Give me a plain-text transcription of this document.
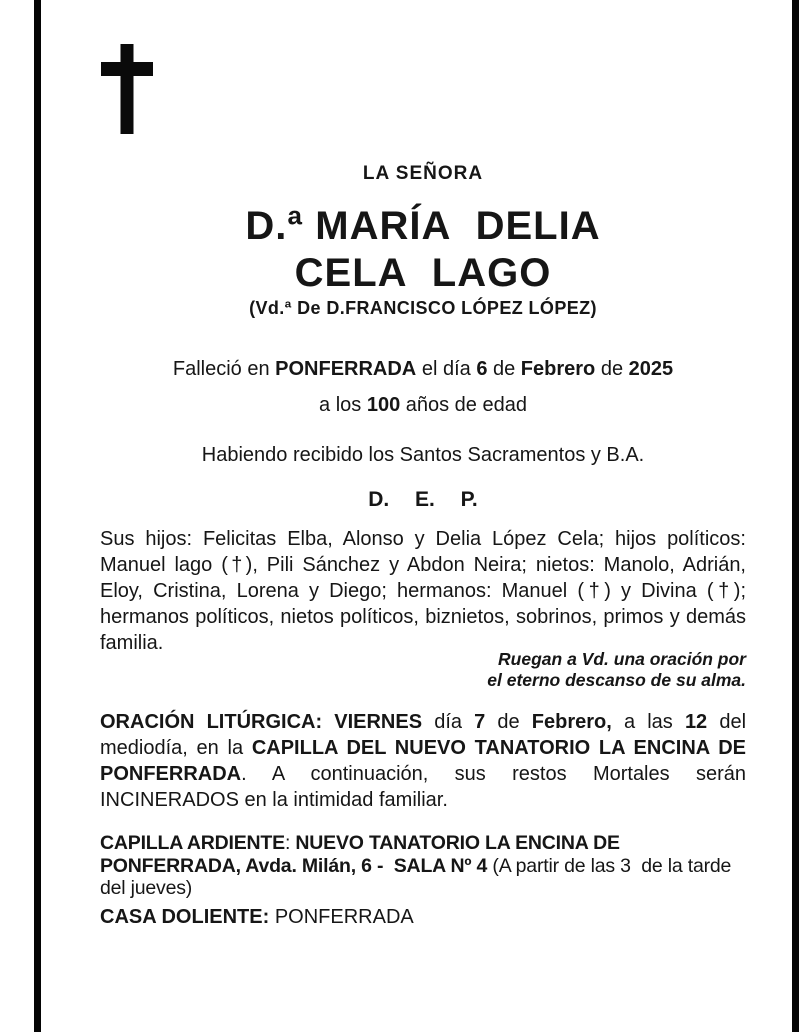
LA SEÑORA
D.ª MARÍA  DELIA
CELA  LAGO
(Vd.ª De D.FRANCISCO LÓPEZ LÓPEZ)
Falleció en PONFERRADA el día 6 de Febrero de 2025
a los 100 años de edad
Habiendo recibido los Santos Sacramentos y B.A.
D. E. P.
Sus hijos: Felicitas Elba, Alonso y Delia López Cela; hijos políticos: Manuel lago (†), Pili Sánchez y Abdon Neira; nietos: Manolo, Adrián, Eloy, Cristina, Lorena y Diego; hermanos: Manuel (†) y Divina (†); hermanos políticos, nietos políticos, biznietos, sobrinos, primos y demás familia.
Ruegan a Vd. una oración por
el eterno descanso de su alma.
ORACIÓN LITÚRGICA: VIERNES día 7 de Febrero, a las 12 del mediodía, en la CAPILLA DEL NUEVO TANATORIO LA ENCINA DE PONFERRADA. A continuación, sus restos Mortales serán INCINERADOS en la intimidad familiar.
CAPILLA ARDIENTE: NUEVO TANATORIO LA ENCINA DE PONFERRADA, Avda. Milán, 6 -  SALA Nº 4 (A partir de las 3  de la tarde del jueves)
CASA DOLIENTE: PONFERRADA
